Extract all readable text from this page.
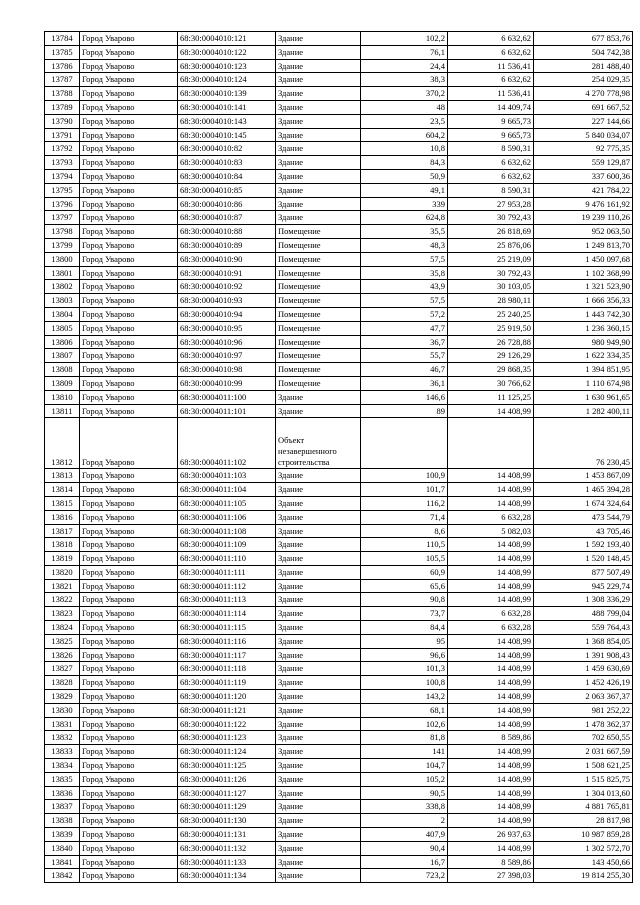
13784	Город Уварово	68:30:0004010:121	Здание	102,2	6 632,62	677 853,76
13785	Город Уварово	68:30:0004010:122	Здание	76,1	6 632,62	504 742,38
13786	Город Уварово	68:30:0004010:123	Здание	24,4	11 536,41	281 488,40
13787	Город Уварово	68:30:0004010:124	Здание	38,3	6 632,62	254 029,35
13788	Город Уварово	68:30:0004010:139	Здание	370,2	11 536,41	4 270 778,98
13789	Город Уварово	68:30:0004010:141	Здание	48	14 409,74	691 667,52
13790	Город Уварово	68:30:0004010:143	Здание	23,5	9 665,73	227 144,66
13791	Город Уварово	68:30:0004010:145	Здание	604,2	9 665,73	5 840 034,07
13792	Город Уварово	68:30:0004010:82	Здание	10,8	8 590,31	92 775,35
13793	Город Уварово	68:30:0004010:83	Здание	84,3	6 632,62	559 129,87
13794	Город Уварово	68:30:0004010:84	Здание	50,9	6 632,62	337 600,36
13795	Город Уварово	68:30:0004010:85	Здание	49,1	8 590,31	421 784,22
13796	Город Уварово	68:30:0004010:86	Здание	339	27 953,28	9 476 161,92
13797	Город Уварово	68:30:0004010:87	Здание	624,8	30 792,43	19 239 110,26
13798	Город Уварово	68:30:0004010:88	Помещение	35,5	26 818,69	952 063,50
13799	Город Уварово	68:30:0004010:89	Помещение	48,3	25 876,06	1 249 813,70
13800	Город Уварово	68:30:0004010:90	Помещение	57,5	25 219,09	1 450 097,68
13801	Город Уварово	68:30:0004010:91	Помещение	35,8	30 792,43	1 102 368,99
13802	Город Уварово	68:30:0004010:92	Помещение	43,9	30 103,05	1 321 523,90
13803	Город Уварово	68:30:0004010:93	Помещение	57,5	28 980,11	1 666 356,33
13804	Город Уварово	68:30:0004010:94	Помещение	57,2	25 240,25	1 443 742,30
13805	Город Уварово	68:30:0004010:95	Помещение	47,7	25 919,50	1 236 360,15
13806	Город Уварово	68:30:0004010:96	Помещение	36,7	26 728,88	980 949,90
13807	Город Уварово	68:30:0004010:97	Помещение	55,7	29 126,29	1 622 334,35
13808	Город Уварово	68:30:0004010:98	Помещение	46,7	29 868,35	1 394 851,95
13809	Город Уварово	68:30:0004010:99	Помещение	36,1	30 766,62	1 110 674,98
13810	Город Уварово	68:30:0004011:100	Здание	146,6	11 125,25	1 630 961,65
13811	Город Уварово	68:30:0004011:101	Здание	89	14 408,99	1 282 400,11
13812	Город Уварово	68:30:0004011:102	Объект незавершенного строительства			76 230,45
13813	Город Уварово	68:30:0004011:103	Здание	100,9	14 408,99	1 453 867,09
13814	Город Уварово	68:30:0004011:104	Здание	101,7	14 408,99	1 465 394,28
13815	Город Уварово	68:30:0004011:105	Здание	116,2	14 408,99	1 674 324,64
13816	Город Уварово	68:30:0004011:106	Здание	71,4	6 632,28	473 544,79
13817	Город Уварово	68:30:0004011:108	Здание	8,6	5 082,03	43 705,46
13818	Город Уварово	68:30:0004011:109	Здание	110,5	14 408,99	1 592 193,40
13819	Город Уварово	68:30:0004011:110	Здание	105,5	14 408,99	1 520 148,45
13820	Город Уварово	68:30:0004011:111	Здание	60,9	14 408,99	877 507,49
13821	Город Уварово	68:30:0004011:112	Здание	65,6	14 408,99	945 229,74
13822	Город Уварово	68:30:0004011:113	Здание	90,8	14 408,99	1 308 336,29
13823	Город Уварово	68:30:0004011:114	Здание	73,7	6 632,28	488 799,04
13824	Город Уварово	68:30:0004011:115	Здание	84,4	6 632,28	559 764,43
13825	Город Уварово	68:30:0004011:116	Здание	95	14 408,99	1 368 854,05
13826	Город Уварово	68:30:0004011:117	Здание	96,6	14 408,99	1 391 908,43
13827	Город Уварово	68:30:0004011:118	Здание	101,3	14 408,99	1 459 630,69
13828	Город Уварово	68:30:0004011:119	Здание	100,8	14 408,99	1 452 426,19
13829	Город Уварово	68:30:0004011:120	Здание	143,2	14 408,99	2 063 367,37
13830	Город Уварово	68:30:0004011:121	Здание	68,1	14 408,99	981 252,22
13831	Город Уварово	68:30:0004011:122	Здание	102,6	14 408,99	1 478 362,37
13832	Город Уварово	68:30:0004011:123	Здание	81,8	8 589,86	702 650,55
13833	Город Уварово	68:30:0004011:124	Здание	141	14 408,99	2 031 667,59
13834	Город Уварово	68:30:0004011:125	Здание	104,7	14 408,99	1 508 621,25
13835	Город Уварово	68:30:0004011:126	Здание	105,2	14 408,99	1 515 825,75
13836	Город Уварово	68:30:0004011:127	Здание	90,5	14 408,99	1 304 013,60
13837	Город Уварово	68:30:0004011:129	Здание	338,8	14 408,99	4 881 765,81
13838	Город Уварово	68:30:0004011:130	Здание	2	14 408,99	28 817,98
13839	Город Уварово	68:30:0004011:131	Здание	407,9	26 937,63	10 987 859,28
13840	Город Уварово	68:30:0004011:132	Здание	90,4	14 408,99	1 302 572,70
13841	Город Уварово	68:30:0004011:133	Здание	16,7	8 589,86	143 450,66
13842	Город Уварово	68:30:0004011:134	Здание	723,2	27 398,03	19 814 255,30
